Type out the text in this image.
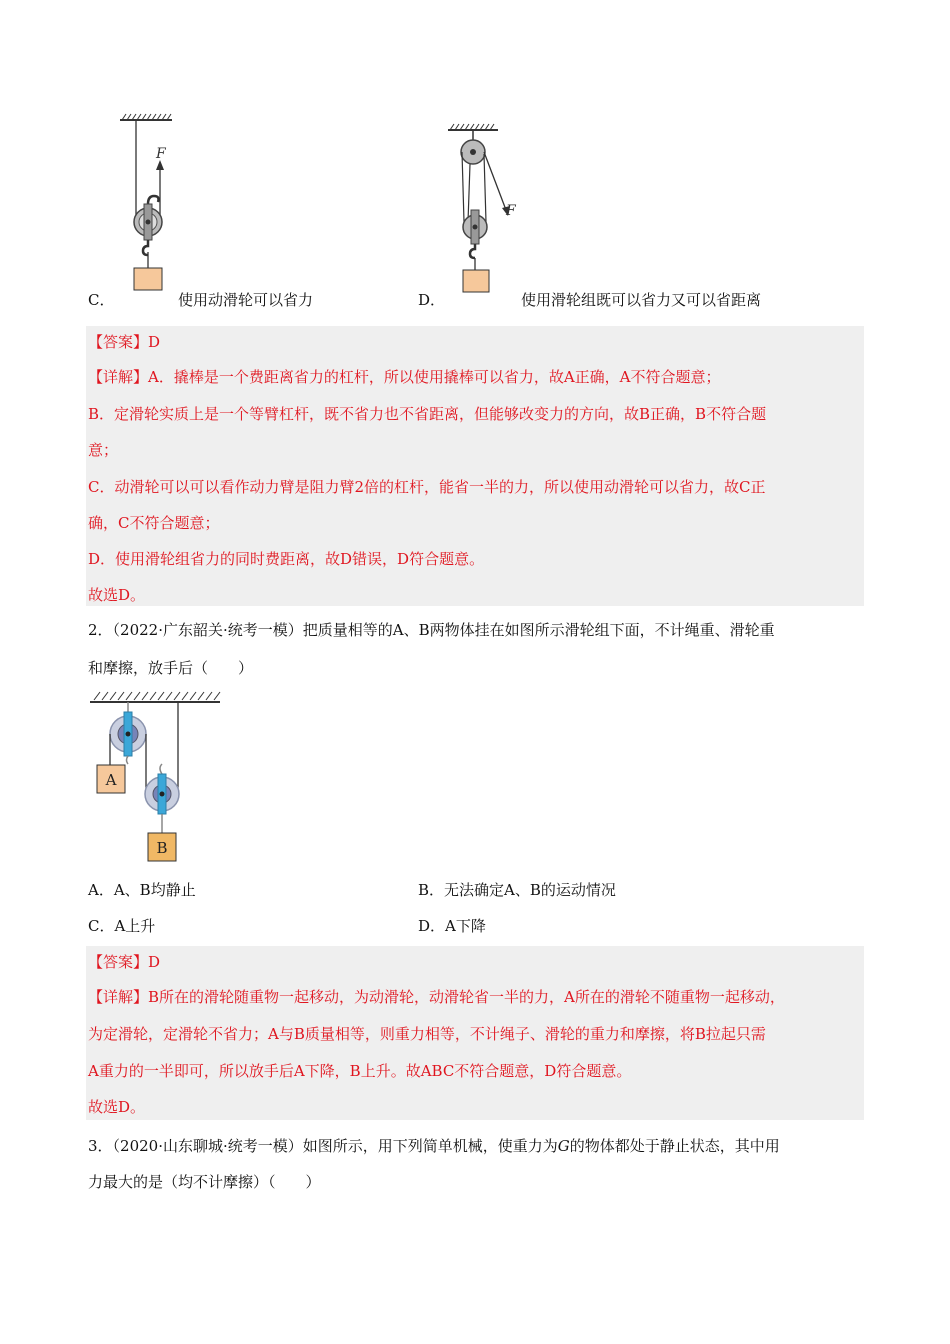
F
C．	使用动滑轮可以省力
F
D．	使用滑轮组既可以省力又可以省距离
【答案】D
【详解】A．撬棒是一个费距离省力的杠杆，所以使用撬棒可以省力，故A正确，A不符合题意；
B．定滑轮实质上是一个等臂杠杆，既不省力也不省距离，但能够改变力的方向，故B正确，B不符合题
意；
C．动滑轮可以可以看作动力臂是阻力臂2倍的杠杆，能省一半的力，所以使用动滑轮可以省力，故C正
确，C不符合题意；
D．使用滑轮组省力的同时费距离，故D错误，D符合题意。
故选D。
2．（2022·广东韶关·统考一模）把质量相等的A、B两物体挂在如图所示滑轮组下面，不计绳重、滑轮重
和摩擦，放手后（　　）
A
B
A．A、B均静止	B．无法确定A、B的运动情况
C．A上升	D．A下降
【答案】D
【详解】B所在的滑轮随重物一起移动，为动滑轮，动滑轮省一半的力，A所在的滑轮不随重物一起移动，
为定滑轮，定滑轮不省力；A与B质量相等，则重力相等，不计绳子、滑轮的重力和摩擦，将B拉起只需
A重力的一半即可，所以放手后A下降，B上升。故ABC不符合题意，D符合题意。
故选D。
3．（2020·山东聊城·统考一模）如图所示，用下列简单机械，使重力为G的物体都处于静止状态，其中用
力最大的是（均不计摩擦）（　　）
